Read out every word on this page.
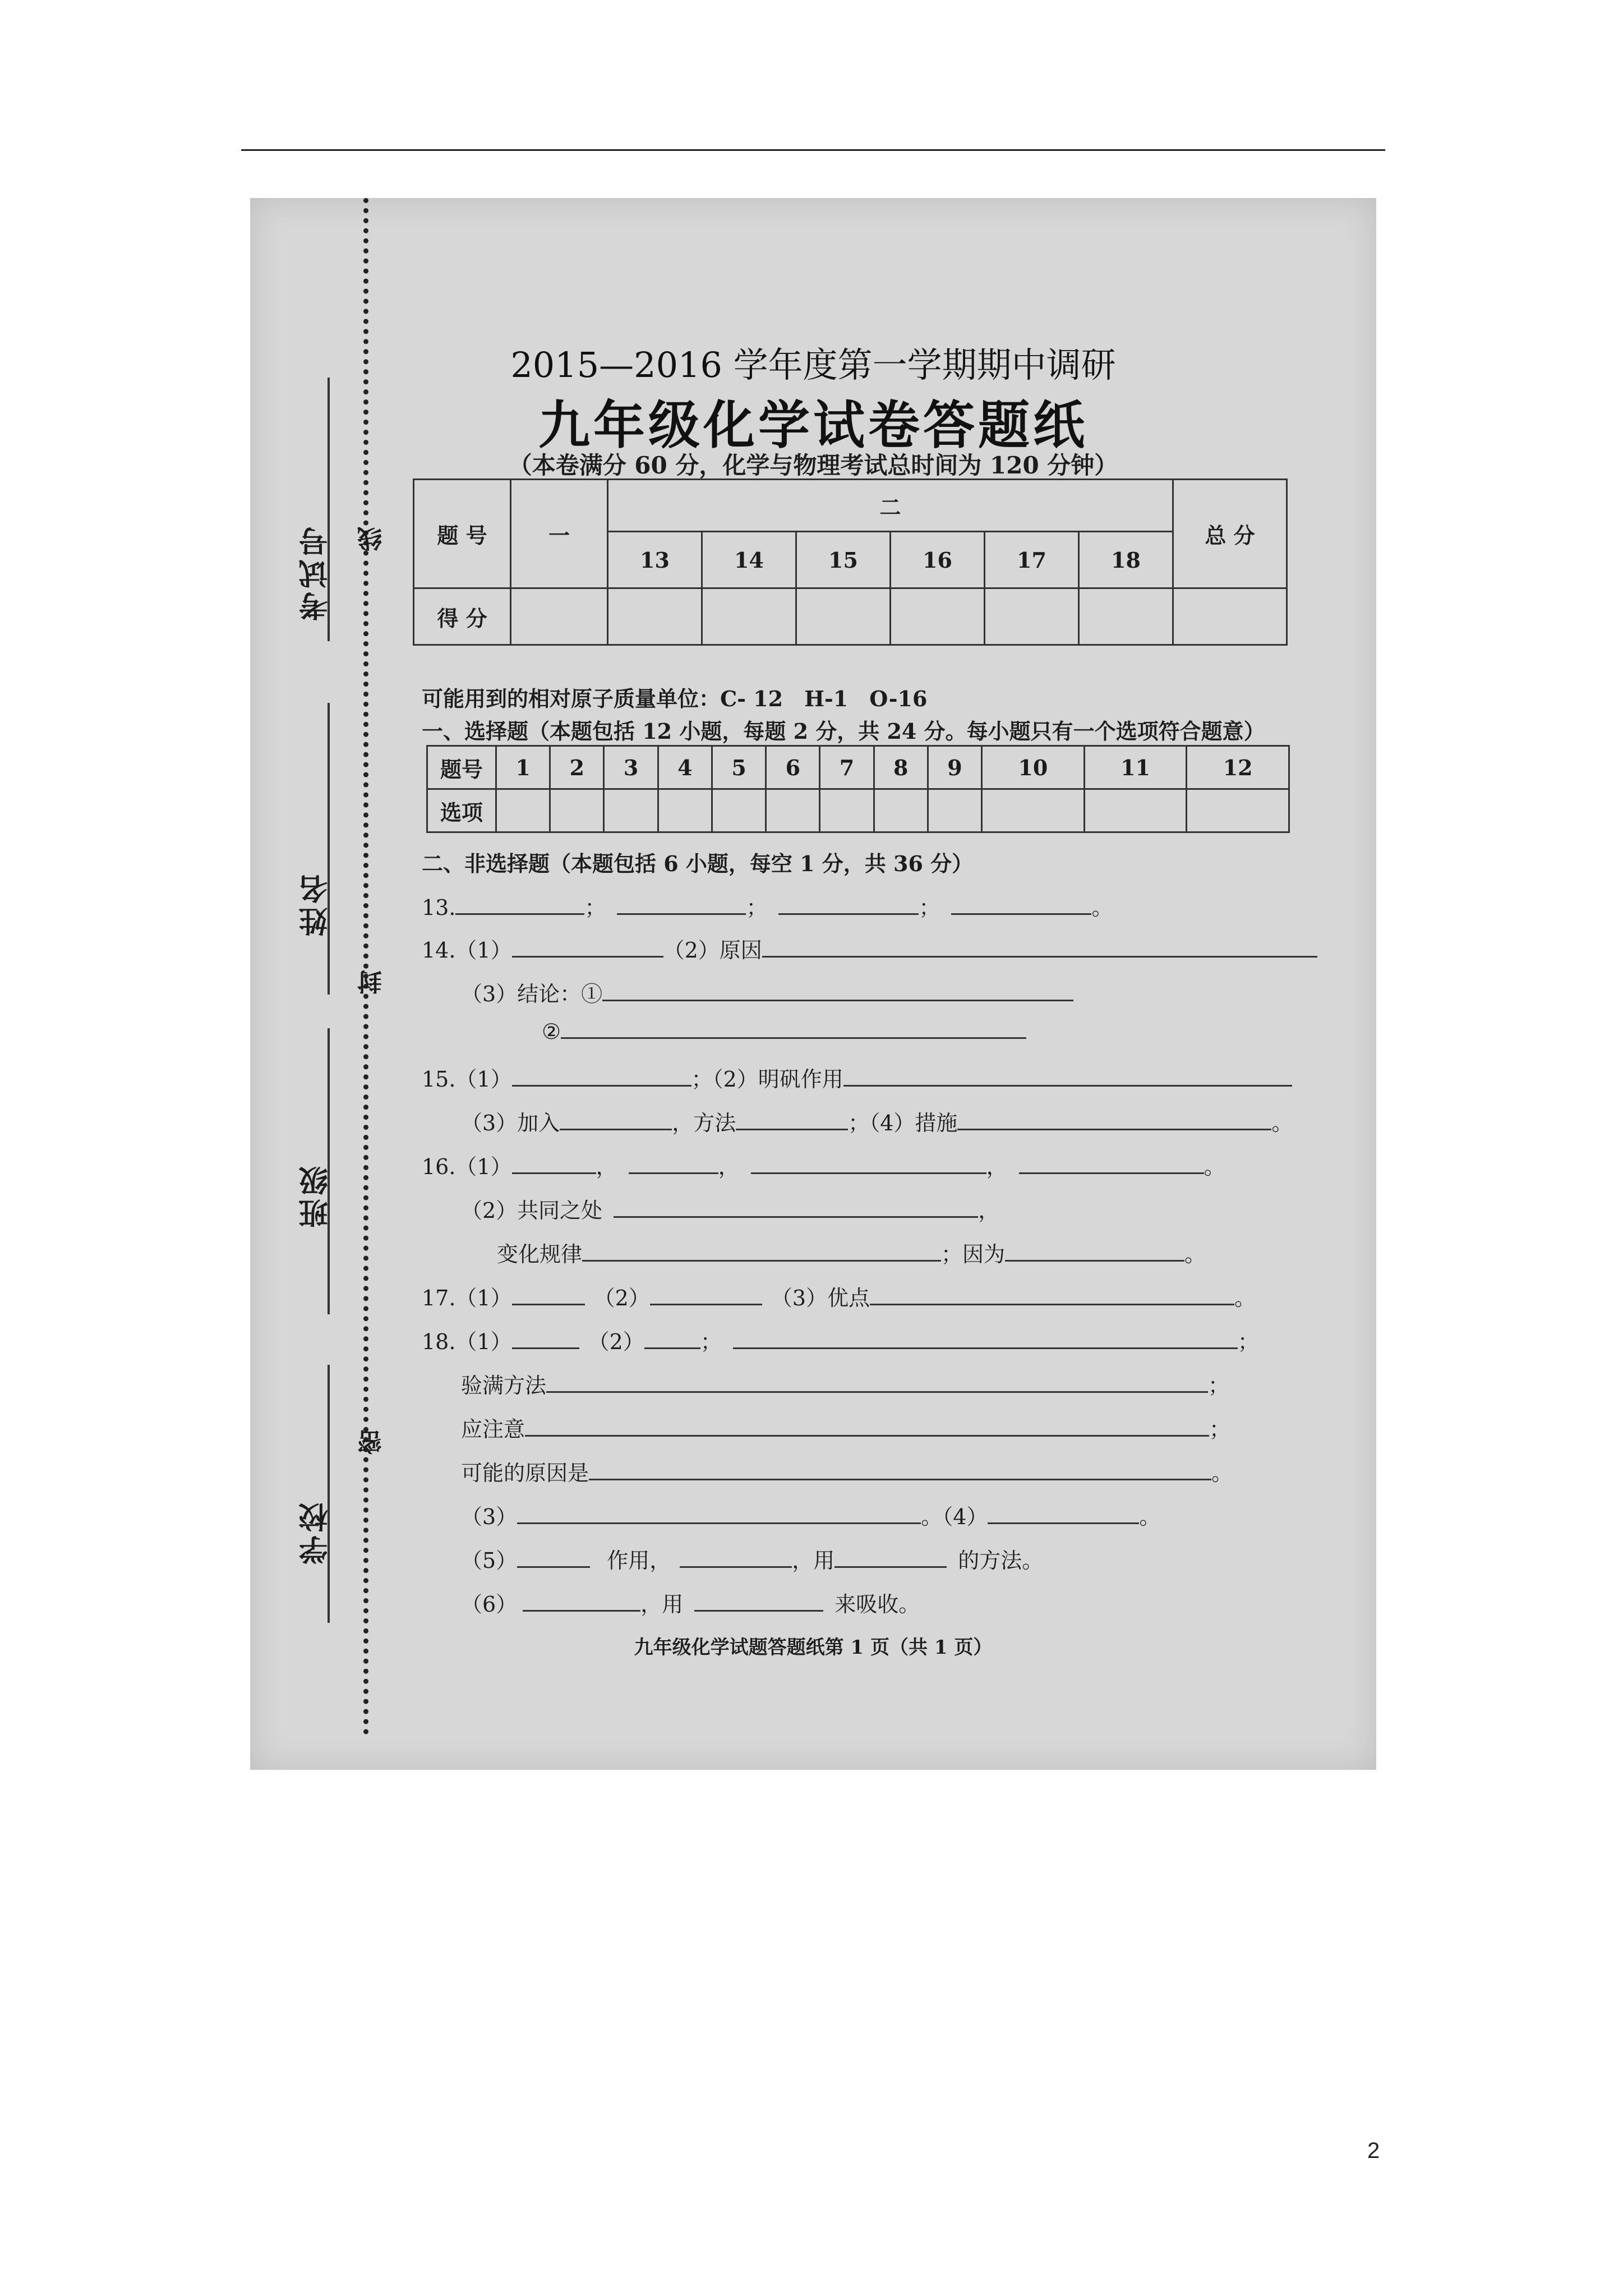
考试号 线
姓名
封
班级
密
学校
2015—2016 学年度第一学期期中调研
九年级化学试卷答题纸
（本卷满分 60 分，化学与物理考试总时间为 120 分钟）
题 号	一	二						总 分
		13	14	15	16	17	18	
得 分								
可能用到的相对原子质量单位：C- 12　H-1　O-16
一、选择题（本题包括 12 小题，每题 2 分，共 24 分。每小题只有一个选项符合题意）
题号	1	2	3	4	5	6	7	8	9	10	11	12
选项												
二、非选择题（本题包括 6 小题，每空 1 分，共 36 分）
13.	；	；	；	。
14.（1）	（2）原因
（3）结论：①
②
15.（1）	；（2）明矾作用
（3）加入	，方法	；（4）措施	。
16.（1）	，	，	，	。
（2）共同之处	，
变化规律	；因为	。
17.（1）	（2）	（3）优点	。
18.（1）	（2）	；	；
验满方法	；
应注意	；
可能的原因是	。
（3）	。（4）	。
（5）	作用，	，用	的方法。
（6）	，用	来吸收。
九年级化学试题答题纸第 1 页（共 1 页）
2
